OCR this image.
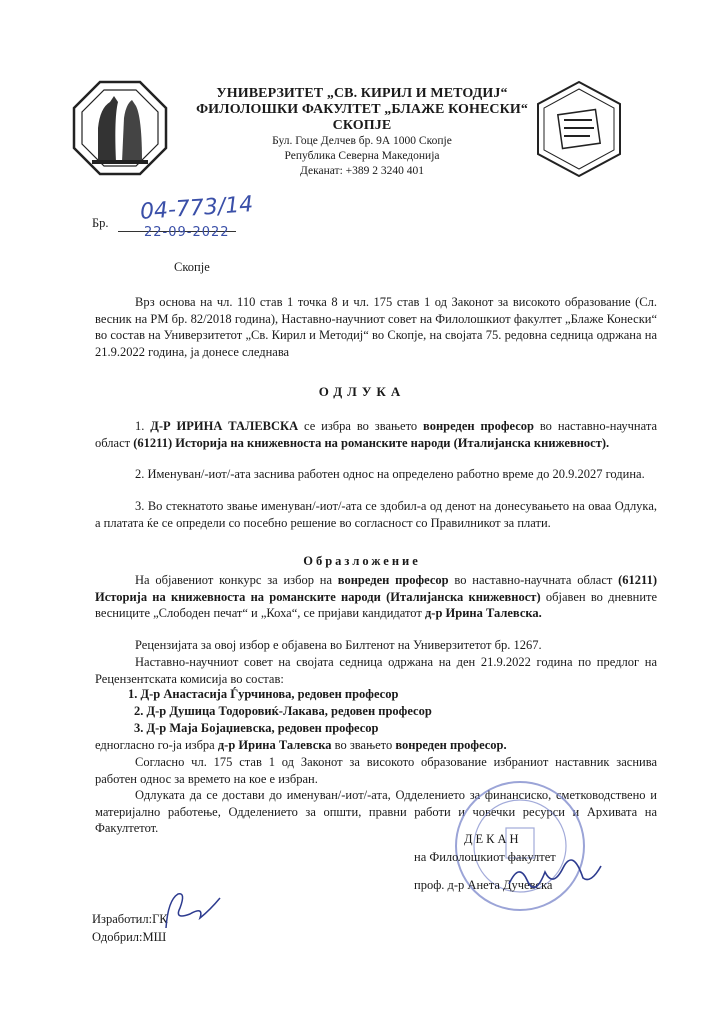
УНИВЕРЗИТЕТ „СВ. КИРИЛ И МЕТОДИЈ“
ФИЛОЛОШКИ ФАКУЛТЕТ „БЛАЖЕ КОНЕСКИ“
СКОПЈЕ
Бул. Гоце Делчев бр. 9А 1000 Скопје
Република Северна Македонија
Деканат: +389 2 3240 401
Бр. 04-773/14
22-09-2022
Скопје
Врз основа на чл. 110 став 1 точка 8 и чл. 175 став 1 од Законот за високото образование (Сл. весник на РМ бр. 82/2018 година), Наставно-научниот совет на Филолошкиот факултет „Блаже Конески“ во состав на Универзитетот „Св. Кирил и Методиј“ во Скопје, на својата 75. редовна седница одржана на 21.9.2022 година, ја донесе следнава
ОДЛУКА
1. Д-Р ИРИНА ТАЛЕВСКА се избра во звањето вонреден професор во наставно-научната област (61211) Историја на книжевноста на романските народи (Италијанска книжевност).
2. Именуван/-иот/-ата заснива работен однос на определено работно време до 20.9.2027 година.
3. Во стекнатото звање именуван/-иот/-ата се здобил-а од денот на донесувањето на оваа Одлука, а платата ќе се определи со посебно решение во согласност со Правилникот за плати.
Образложение
На објавениот конкурс за избор на вонреден професор во наставно-научната област (61211) Историја на книжевноста на романските народи (Италијанска книжевност) објавен во дневните весниците „Слободен печат“ и „Коха“, се пријави кандидатот д-р Ирина Талевска.
Рецензијата за овој избор е објавена во Билтенот на Универзитетот бр. 1267.
Наставно-научниот совет на својата седница одржана на ден 21.9.2022 година по предлог на Рецензентската комисија во состав:
1. Д-р Анастасија Ѓурчинова, редовен професор
2. Д-р Душица Тодоровиќ-Лакава, редовен професор
3. Д-р Маја Бојаџиевска, редовен професор
едногласно го-ја избра д-р Ирина Талевска во звањето вонреден професор.
Согласно чл. 175 став 1 од Законот за високото образование избраниот наставник заснива работен однос за времето на кое е избран.
Одлуката да се достави до именуван/-иот/-ата, Одделението за финансиско, сметководствено и материјално работење, Одделението за општи, правни работи и човечки ресурси и Архивата на Факултетот.
ДЕКАН
на Филолошкиот факултет
проф. д-р Анета Дучевска
Изработил:ГК
Одобрил:МШ
